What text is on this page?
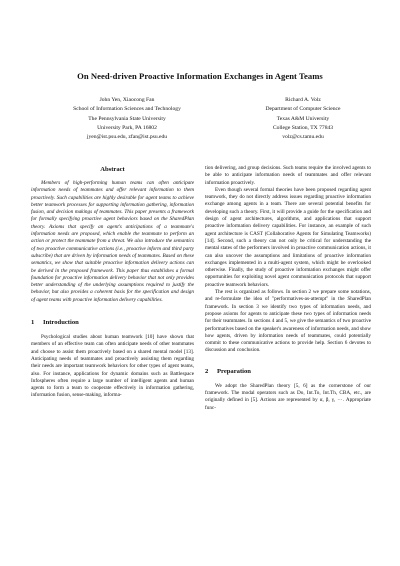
On Need-driven Proactive Information Exchanges in Agent Teams
John Yen, Xiaocong Fan
School of Information Sciences and Technology
The Pennsylvania State University
University Park, PA 16802
jyen@ist.psu.edu, zfan@ist.psu.edu
Richard A. Volz
Department of Computer Science
Texas A&M University
College Station, TX 77843
volz@cs.tamu.edu
Abstract

Members of high-performing human teams can often anticipate information needs of teammates and offer relevant information to them proactively. Such capabilities are highly desirable for agent teams to achieve better teamwork processes for supporting information gathering, information fusion, and decision makings of teammates. This paper presents a framework for formally specifying proactive agent behaviors based on the SharedPlan theory. Axioms that specify an agent's anticipations of a teammate's information needs are proposed, which enable the teammate to perform an action or protect the teammate from a threat. We also introduce the semantics of two proactive communicative actions (i.e., proactive inform and third party subscribe) that are driven by information needs of teammates. Based on these semantics, we show that suitable proactive information delivery actions can be derived in the proposed framework. This paper thus establishes a formal foundation for proactive information delivery behavior that not only provides better understanding of the underlying assumptions required to justify the behavior, but also provides a coherent basis for the specification and design of agent teams with proactive information delivery capabilities.

1 Introduction

Psychological studies about human teamwork [10] have shown that members of an effective team can often anticipate needs of other teammates and choose to assist them proactively based on a shared mental model [13]. Anticipating needs of teammates and proactively assisting them regarding their needs are important teamwork behaviors for other types of agent teams, also. For instance, applications for dynamic domains such as Battlespace Infospheres often require a large number of intelligent agents and human agents to form a team to cooperate effectively in information gathering, information fusion, sense-making, informa-

tion delivering, and group decisions. Such teams require the involved agents to be able to anticipate information needs of teammates and offer relevant information proactively.

Even though several formal theories have been proposed regarding agent teamwork, they do not directly address issues regarding proactive information exchange among agents in a team. There are several potential benefits for developing such a theory. First, it will provide a guide for the specification and design of agent architectures, algorithms, and applications that support proactive information delivery capabilities. For instance, an example of such agent architecture is CAST (Collaborative Agents for Simulating Teamworks)[14]. Second, such a theory can not only be critical for understanding the mental states of the performers involved in proactive communication actions, it can also uncover the assumptions and limitations of proactive information exchanges implemented in a multi-agent system, which might be overlooked otherwise. Finally, the study of proactive information exchanges might offer opportunities for exploiting novel agent communication protocols that support proactive teamwork behaviors.

The rest is organized as follows. In section 2 we prepare some notations, and re-formulate the idea of "performatives-as-attempt" in the SharedPlan framework. In section 3 we identify two types of information needs, and propose axioms for agents to anticipate these two types of information needs for their teammates. In sections 4 and 5, we give the semantics of two proactive performatives based on the speaker's awareness of information needs, and show how agents, driven by information needs of teammates, could potentially commit to these communicative actions to provide help. Section 6 devotes to discussion and conclusion.

2 Preparation

We adopt the SharedPlan theory [5, 6] as the cornerstone of our framework. The modal operators such as Do, Int.To, Int.Th, CBA, etc., are originally defined in [5]. Actions are represented by α, β, γ, ⋯. Appropriate func-
